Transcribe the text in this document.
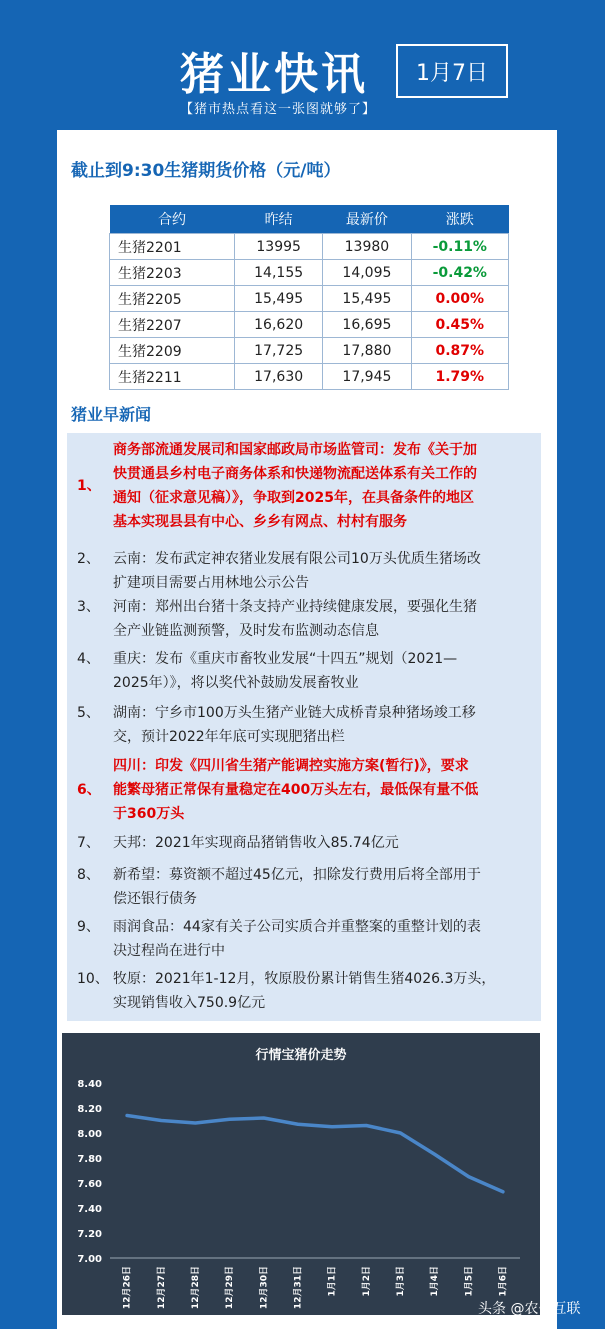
猪业快讯	1月7日
【猪市热点看这一张图就够了】
截止到9:30生猪期货价格（元/吨）
合约	昨结	最新价	涨跌
生猪2201	13995	13980	-0.11%
生猪2203	14,155	14,095	-0.42%
生猪2205	15,495	15,495	0.00%
生猪2207	16,620	16,695	0.45%
生猪2209	17,725	17,880	0.87%
生猪2211	17,630	17,945	1.79%
猪业早新闻
1、
商务部流通发展司和国家邮政局市场监管司：发布《关于加
快贯通县乡村电子商务体系和快递物流配送体系有关工作的
通知（征求意见稿）》，争取到2025年，在具备条件的地区
基本实现县县有中心、乡乡有网点、村村有服务
2、 云南：发布武定神农猪业发展有限公司10万头优质生猪场改
扩建项目需要占用林地公示公告
3、 河南：郑州出台猪十条支持产业持续健康发展，要强化生猪
全产业链监测预警，及时发布监测动态信息
4、 重庆：发布《重庆市畜牧业发展“十四五”规划（2021—
2025年）》，将以奖代补鼓励发展畜牧业
5、 湖南：宁乡市100万头生猪产业链大成桥青泉种猪场竣工移
交，预计2022年年底可实现肥猪出栏
6、
四川：印发《四川省生猪产能调控实施方案(暂行)》，要求
能繁母猪正常保有量稳定在400万头左右，最低保有量不低
于360万头
7、 天邦：2021年实现商品猪销售收入85.74亿元
8、 新希望：募资额不超过45亿元，扣除发行费用后将全部用于
偿还银行债务
9、 雨润食品：44家有关子公司实质合并重整案的重整计划的表
决过程尚在进行中
10、 牧原：2021年1-12月，牧原股份累计销售生猪4026.3万头，
实现销售收入750.9亿元
行情宝猪价走势
7.00
7.20
7.40
7.60
7.80
8.00
8.20
8.40
12月26日	12月27日	12月28日	12月29日	12月30日	12月31日	1月1日	1月2日	1月3日	1月4日	1月5日	1月6日
头条 @农信互联
